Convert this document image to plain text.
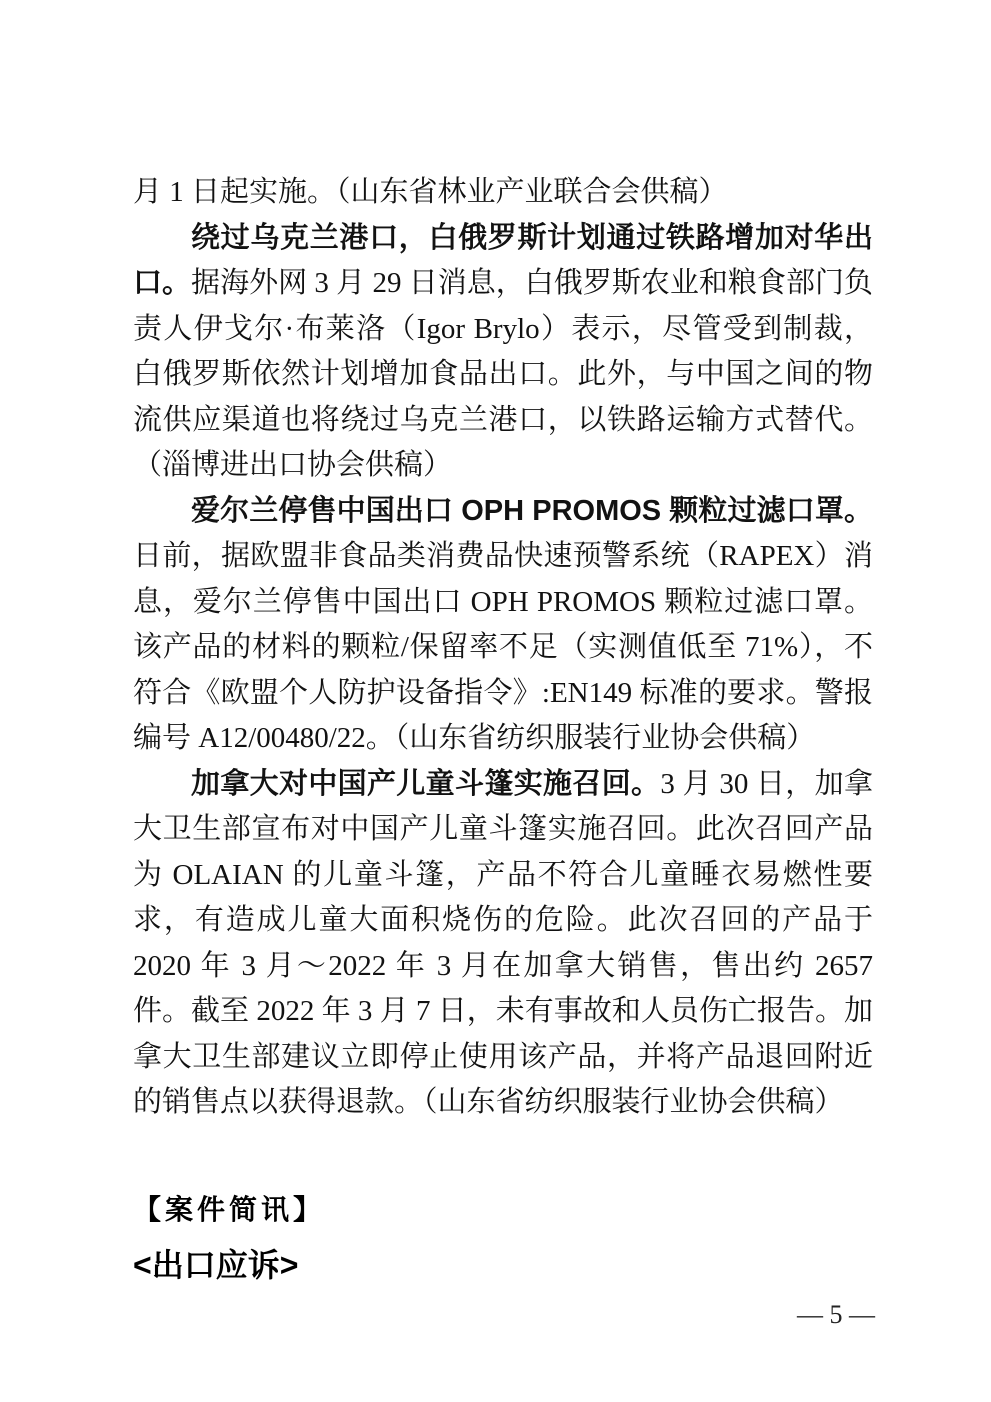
月 1 日起实施。（山东省林业产业联合会供稿）

绕过乌克兰港口，白俄罗斯计划通过铁路增加对华出口。据海外网 3 月 29 日消息，白俄罗斯农业和粮食部门负责人伊戈尔·布莱洛（Igor Brylo）表示，尽管受到制裁，白俄罗斯依然计划增加食品出口。此外，与中国之间的物流供应渠道也将绕过乌克兰港口，以铁路运输方式替代。（淄博进出口协会供稿）

爱尔兰停售中国出口 OPH PROMOS 颗粒过滤口罩。日前，据欧盟非食品类消费品快速预警系统（RAPEX）消息，爱尔兰停售中国出口 OPH PROMOS 颗粒过滤口罩。该产品的材料的颗粒/保留率不足（实测值低至 71%），不符合《欧盟个人防护设备指令》:EN149 标准的要求。警报编号 A12/00480/22。（山东省纺织服装行业协会供稿）

加拿大对中国产儿童斗篷实施召回。3 月 30 日，加拿大卫生部宣布对中国产儿童斗篷实施召回。此次召回产品为 OLAIAN 的儿童斗篷，产品不符合儿童睡衣易燃性要求，有造成儿童大面积烧伤的危险。此次召回的产品于 2020 年 3 月～2022 年 3 月在加拿大销售，售出约 2657 件。截至 2022 年 3 月 7 日，未有事故和人员伤亡报告。加拿大卫生部建议立即停止使用该产品，并将产品退回附近的销售点以获得退款。（山东省纺织服装行业协会供稿）

【案件简讯】

<出口应诉>

— 5 —
